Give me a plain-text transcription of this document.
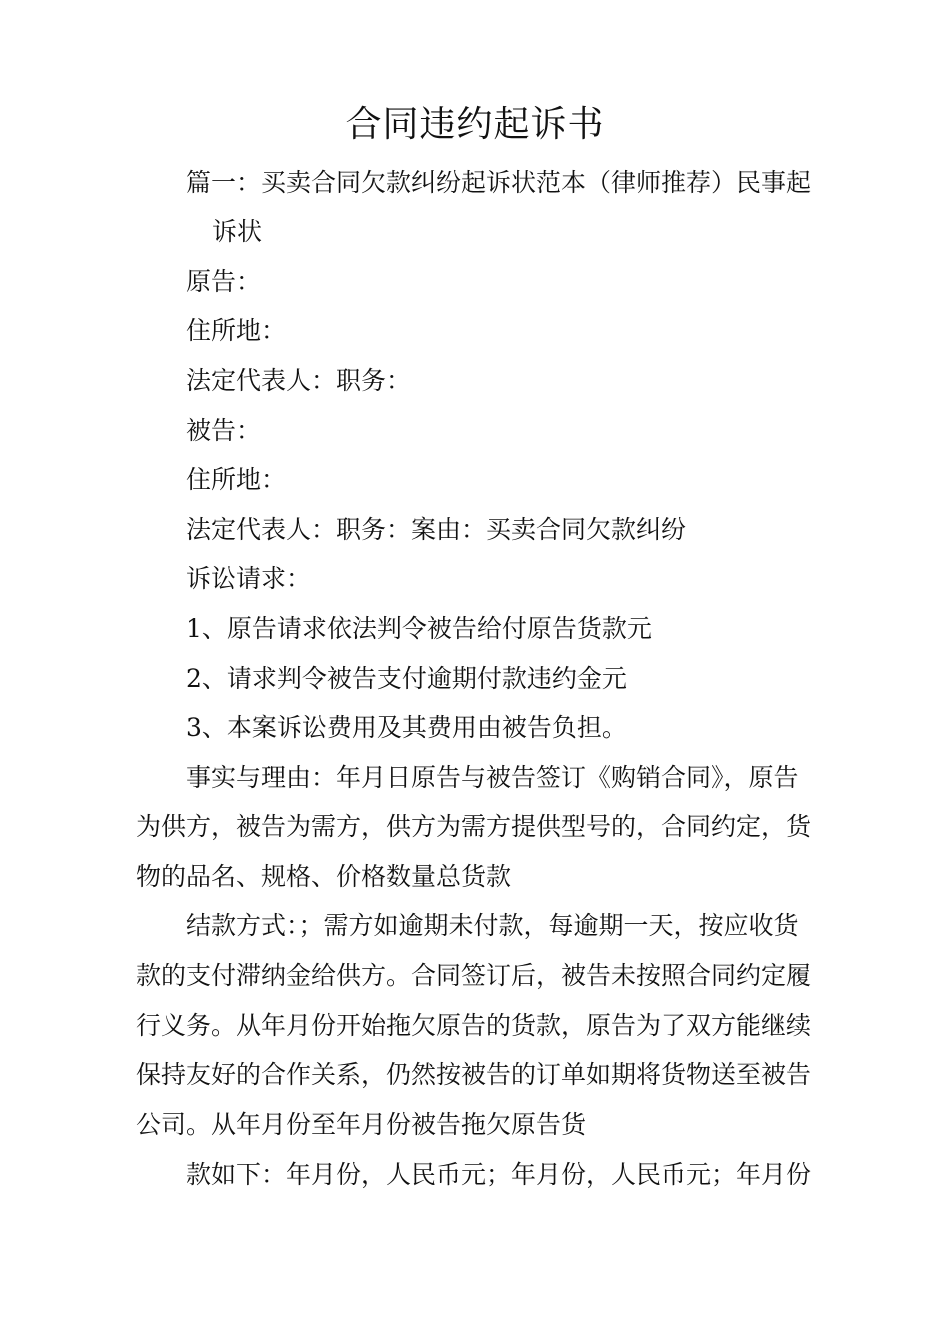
合同违约起诉书
篇一：买卖合同欠款纠纷起诉状范本（律师推荐）民事起
诉状
原告：
住所地：
法定代表人：职务：
被告：
住所地：
法定代表人：职务：案由：买卖合同欠款纠纷
诉讼请求：
1、原告请求依法判令被告给付原告货款元
2、请求判令被告支付逾期付款违约金元
3、本案诉讼费用及其费用由被告负担。
事实与理由：年月日原告与被告签订《购销合同》，原告
为供方，被告为需方，供方为需方提供型号的，合同约定，货
物的品名、规格、价格数量总货款
结款方式：；需方如逾期未付款，每逾期一天，按应收货
款的支付滞纳金给供方。合同签订后，被告未按照合同约定履
行义务。从年月份开始拖欠原告的货款，原告为了双方能继续
保持友好的合作关系，仍然按被告的订单如期将货物送至被告
公司。从年月份至年月份被告拖欠原告货
款如下：年月份，人民币元；年月份，人民币元；年月份
